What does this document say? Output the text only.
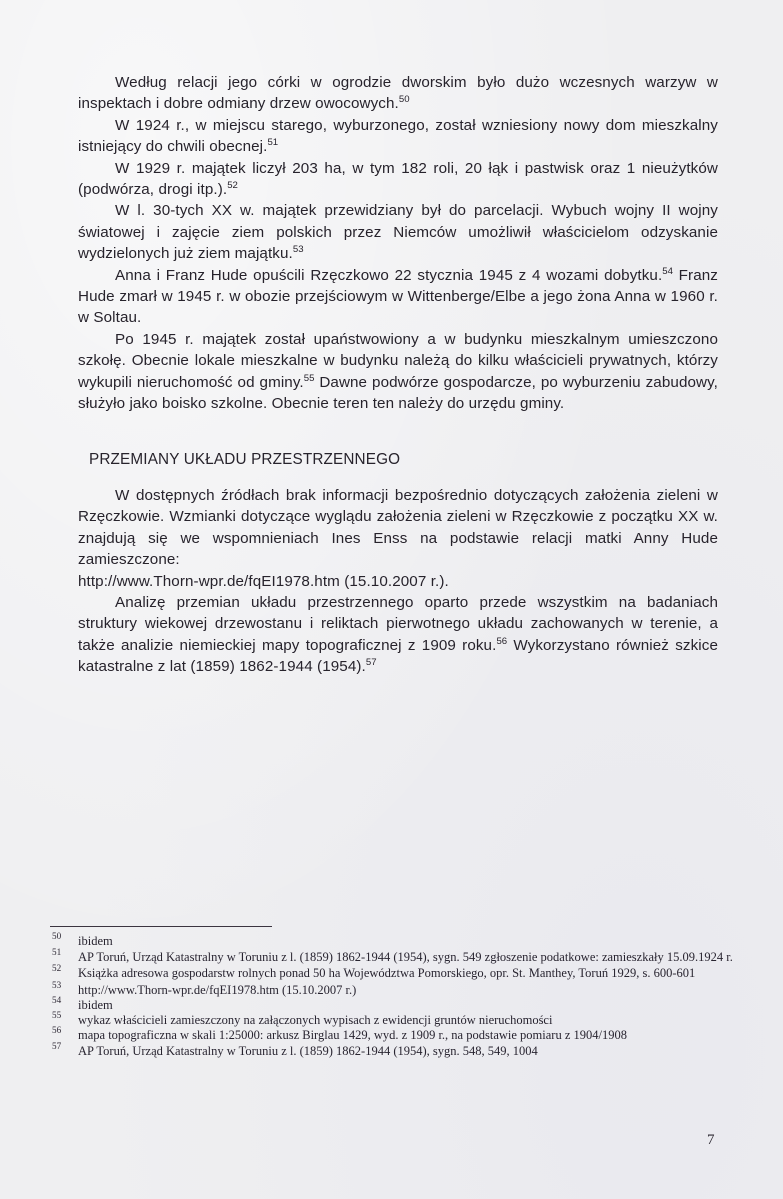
Według relacji jego córki w ogrodzie dworskim było dużo wczesnych warzyw w inspektach i dobre odmiany drzew owocowych.$^{50}$

W 1924 r., w miejscu starego, wyburzonego, został wzniesiony nowy dom mieszkalny istniejący do chwili obecnej.$^{51}$

W 1929 r. majątek liczył 203 ha, w tym 182 roli, 20 łąk i pastwisk oraz 1 nieużytków (podwórza, drogi itp.).$^{52}$

W l. 30-tych XX w. majątek przewidziany był do parcelacji. Wybuch wojny II wojny światowej i zajęcie ziem polskich przez Niemców umożliwił właścicielom odzyskanie wydzielonych już ziem majątku.$^{53}$

Anna i Franz Hude opuścili Rzęczkowo 22 stycznia 1945 z 4 wozami dobytku.$^{54}$ Franz Hude zmarł w 1945 r. w obozie przejściowym w Wittenberge/Elbe a jego żona Anna w 1960 r. w Soltau.

Po 1945 r. majątek został upaństwowiony a w budynku mieszkalnym umieszczono szkołę. Obecnie lokale mieszkalne w budynku należą do kilku właścicieli prywatnych, którzy wykupili nieruchomość od gminy.$^{55}$ Dawne podwórze gospodarcze, po wyburzeniu zabudowy, służyło jako boisko szkolne. Obecnie teren ten należy do urzędu gminy.

PRZEMIANY UKŁADU PRZESTRZENNEGO

W dostępnych źródłach brak informacji bezpośrednio dotyczących założenia zieleni w Rzęczkowie. Wzmianki dotyczące wyglądu założenia zieleni w Rzęczkowie z początku XX w. znajdują się we wspomnieniach Ines Enss na podstawie relacji matki Anny Hude zamieszczone:

http://www.Thorn-wpr.de/fqEI1978.htm (15.10.2007 r.).

Analizę przemian układu przestrzennego oparto przede wszystkim na badaniach struktury wiekowej drzewostanu i reliktach pierwotnego układu zachowanych w terenie, a także analizie niemieckiej mapy topograficznej z 1909 roku.$^{56}$ Wykorzystano również szkice katastralne z lat (1859) 1862-1944 (1954).$^{57}$

50 ibidem
51 AP Toruń, Urząd Katastralny w Toruniu z l. (1859) 1862-1944 (1954), sygn. 549 zgłoszenie podatkowe: zamieszkały 15.09.1924 r.
52 Książka adresowa gospodarstw rolnych ponad 50 ha Województwa Pomorskiego, opr. St. Manthey, Toruń 1929, s. 600-601
53 http://www.Thorn-wpr.de/fqEI1978.htm (15.10.2007 r.)
54 ibidem
55 wykaz właścicieli zamieszczony na załączonych wypisach z ewidencji gruntów nieruchomości
56 mapa topograficzna w skali 1:25000: arkusz Birglau 1429, wyd. z 1909 r., na podstawie pomiaru z 1904/1908
57 AP Toruń, Urząd Katastralny w Toruniu z l. (1859) 1862-1944 (1954), sygn. 548, 549, 1004
7
